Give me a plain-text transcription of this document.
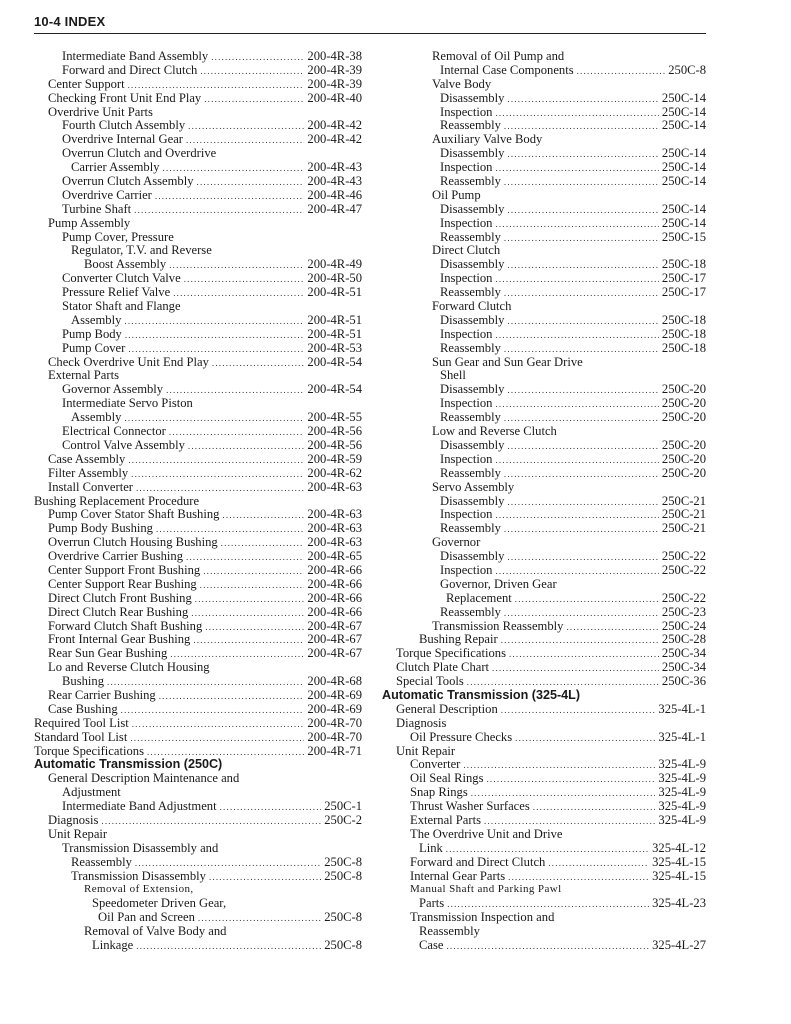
10-4 INDEX
Intermediate Band Assembly .....	200-4R-38
Forward and Direct Clutch .....	200-4R-39
Center Support .....	200-4R-39
Checking Front Unit End Play .....	200-4R-40
Overdrive Unit Parts
Fourth Clutch Assembly .....	200-4R-42
Overdrive Internal Gear .....	200-4R-42
Overrun Clutch and Overdrive
Carrier Assembly .....	200-4R-43
Overrun Clutch Assembly .....	200-4R-43
Overdrive Carrier .....	200-4R-46
Turbine Shaft .....	200-4R-47
Pump Assembly
Pump Cover, Pressure
Regulator, T.V. and Reverse
Boost Assembly .....	200-4R-49
Converter Clutch Valve .....	200-4R-50
Pressure Relief Valve .....	200-4R-51
Stator Shaft and Flange
Assembly .....	200-4R-51
Pump Body .....	200-4R-51
Pump Cover .....	200-4R-53
Check Overdrive Unit End Play .....	200-4R-54
External Parts
Governor Assembly .....	200-4R-54
Intermediate Servo Piston
Assembly .....	200-4R-55
Electrical Connector .....	200-4R-56
Control Valve Assembly .....	200-4R-56
Case Assembly .....	200-4R-59
Filter Assembly .....	200-4R-62
Install Converter .....	200-4R-63
Bushing Replacement Procedure
Pump Cover Stator Shaft Bushing .....	200-4R-63
Pump Body Bushing .....	200-4R-63
Overrun Clutch Housing Bushing .....	200-4R-63
Overdrive Carrier Bushing .....	200-4R-65
Center Support Front Bushing .....	200-4R-66
Center Support Rear Bushing .....	200-4R-66
Direct Clutch Front Bushing .....	200-4R-66
Direct Clutch Rear Bushing .....	200-4R-66
Forward Clutch Shaft Bushing .....	200-4R-67
Front Internal Gear Bushing .....	200-4R-67
Rear Sun Gear Bushing .....	200-4R-67
Lo and Reverse Clutch Housing
Bushing .....	200-4R-68
Rear Carrier Bushing .....	200-4R-69
Case Bushing .....	200-4R-69
Required Tool List .....	200-4R-70
Standard Tool List .....	200-4R-70
Torque Specifications .....	200-4R-71
Automatic Transmission (250C)
General Description Maintenance and
Adjustment
Intermediate Band Adjustment .....	250C-1
Diagnosis .....	250C-2
Unit Repair
Transmission Disassembly and
Reassembly .....	250C-8
Transmission Disassembly .....	250C-8
Removal of Extension,
Speedometer Driven Gear,
Oil Pan and Screen .....	250C-8
Removal of Valve Body and
Linkage .....	250C-8
Removal of Oil Pump and
Internal Case Components .....	250C-8
Valve Body
Disassembly .....	250C-14
Inspection .....	250C-14
Reassembly .....	250C-14
Auxiliary Valve Body
Disassembly .....	250C-14
Inspection .....	250C-14
Reassembly .....	250C-14
Oil Pump
Disassembly .....	250C-14
Inspection .....	250C-14
Reassembly .....	250C-15
Direct Clutch
Disassembly .....	250C-18
Inspection .....	250C-17
Reassembly .....	250C-17
Forward Clutch
Disassembly .....	250C-18
Inspection .....	250C-18
Reassembly .....	250C-18
Sun Gear and Sun Gear Drive
Shell
Disassembly .....	250C-20
Inspection .....	250C-20
Reassembly .....	250C-20
Low and Reverse Clutch
Disassembly .....	250C-20
Inspection .....	250C-20
Reassembly .....	250C-20
Servo Assembly
Disassembly .....	250C-21
Inspection .....	250C-21
Reassembly .....	250C-21
Governor
Disassembly .....	250C-22
Inspection .....	250C-22
Governor, Driven Gear
Replacement .....	250C-22
Reassembly .....	250C-23
Transmission Reassembly .....	250C-24
Bushing Repair .....	250C-28
Torque Specifications .....	250C-34
Clutch Plate Chart .....	250C-34
Special Tools .....	250C-36
Automatic Transmission (325-4L)
General Description .....	325-4L-1
Diagnosis
Oil Pressure Checks .....	325-4L-1
Unit Repair
Converter .....	325-4L-9
Oil Seal Rings .....	325-4L-9
Snap Rings .....	325-4L-9
Thrust Washer Surfaces .....	325-4L-9
External Parts .....	325-4L-9
The Overdrive Unit and Drive
Link .....	325-4L-12
Forward and Direct Clutch .....	325-4L-15
Internal Gear Parts .....	325-4L-15
Manual Shaft and Parking Pawl
Parts .....	325-4L-23
Transmission Inspection and
Reassembly
Case .....	325-4L-27
